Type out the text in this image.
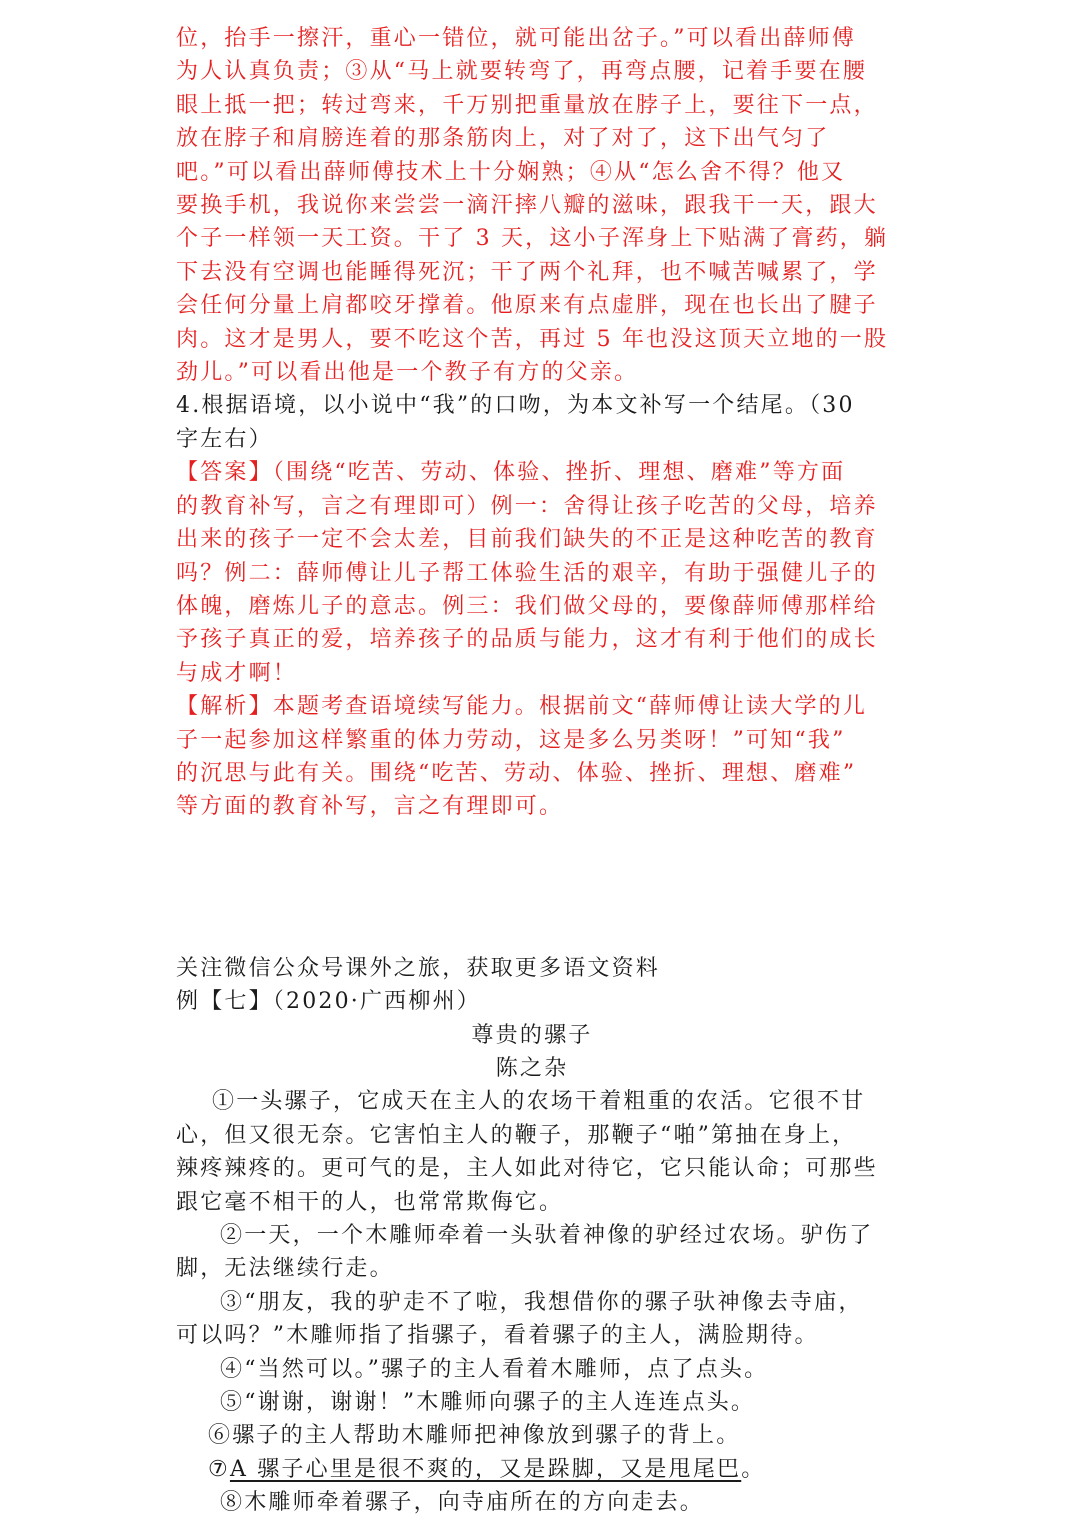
位，抬手一擦汗，重心一错位，就可能出岔子。”可以看出薛师傅
为人认真负责；③从“马上就要转弯了，再弯点腰，记着手要在腰
眼上抵一把；转过弯来，千万别把重量放在脖子上，要往下一点，
放在脖子和肩膀连着的那条筋肉上，对了对了，这下出气匀了
吧。”可以看出薛师傅技术上十分娴熟；④从“怎么舍不得？他又
要换手机，我说你来尝尝一滴汗摔八瓣的滋味，跟我干一天，跟大
个子一样领一天工资。干了 3 天，这小子浑身上下贴满了膏药，躺
下去没有空调也能睡得死沉；干了两个礼拜，也不喊苦喊累了，学
会任何分量上肩都咬牙撑着。他原来有点虚胖，现在也长出了腱子
肉。这才是男人，要不吃这个苦，再过 5 年也没这顶天立地的一股
劲儿。”可以看出他是一个教子有方的父亲。
4.根据语境，以小说中“我”的口吻，为本文补写一个结尾。（30
字左右）
【答案】（围绕“吃苦、劳动、体验、挫折、理想、磨难”等方面
的教育补写，言之有理即可）例一：舍得让孩子吃苦的父母，培养
出来的孩子一定不会太差，目前我们缺失的不正是这种吃苦的教育
吗？例二：薛师傅让儿子帮工体验生活的艰辛，有助于强健儿子的
体魄，磨炼儿子的意志。例三：我们做父母的，要像薛师傅那样给
予孩子真正的爱，培养孩子的品质与能力，这才有利于他们的成长
与成才啊！
【解析】本题考查语境续写能力。根据前文“薛师傅让读大学的儿
子一起参加这样繁重的体力劳动，这是多么另类呀！”可知“我”
的沉思与此有关。围绕“吃苦、劳动、体验、挫折、理想、磨难”
等方面的教育补写，言之有理即可。
关注微信公众号课外之旅，获取更多语文资料
例【七】（2020·广西柳州）
尊贵的骡子
陈之杂
①一头骡子，它成天在主人的农场干着粗重的农活。它很不甘
心，但又很无奈。它害怕主人的鞭子，那鞭子“啪”第抽在身上，
辣疼辣疼的。更可气的是，主人如此对待它，它只能认命；可那些
跟它毫不相干的人，也常常欺侮它。
②一天，一个木雕师牵着一头驮着神像的驴经过农场。驴伤了
脚，无法继续行走。
③“朋友，我的驴走不了啦，我想借你的骡子驮神像去寺庙，
可以吗？”木雕师指了指骡子，看着骡子的主人，满脸期待。
④“当然可以。”骡子的主人看着木雕师，点了点头。
⑤“谢谢，谢谢！”木雕师向骡子的主人连连点头。
⑥骡子的主人帮助木雕师把神像放到骡子的背上。
⑦A 骡子心里是很不爽的，又是跺脚，又是甩尾巴。
⑧木雕师牵着骡子，向寺庙所在的方向走去。
